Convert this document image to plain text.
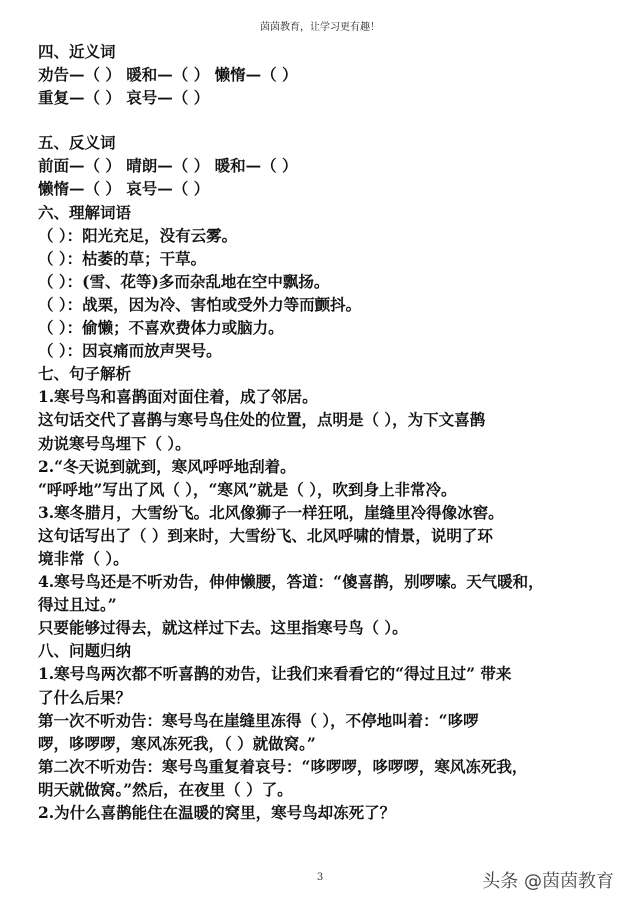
茵茵教育，让学习更有趣！
四、近义词
劝告—（ ） 暖和—（ ） 懒惰—（ ）
重复—（ ） 哀号—（ ）
五、反义词
前面—（ ） 晴朗—（ ） 暖和—（ ）
懒惰—（ ） 哀号—（ ）
六、理解词语
（ ）：阳光充足，没有云雾。
（ ）：枯萎的草；干草。
（ ）：(雪、花等)多而杂乱地在空中飘扬。
（ ）：战栗，因为冷、害怕或受外力等而颤抖。
（ ）：偷懒；不喜欢费体力或脑力。
（ ）：因哀痛而放声哭号。
七、句子解析
1.寒号鸟和喜鹊面对面住着，成了邻居。
这句话交代了喜鹊与寒号鸟住处的位置，点明是（ ），为下文喜鹊
劝说寒号鸟埋下（ ）。
2.“冬天说到就到，寒风呼呼地刮着。
“呼呼地”写出了风（ ），“寒风”就是（ ），吹到身上非常冷。
3.寒冬腊月，大雪纷飞。北风像狮子一样狂吼，崖缝里冷得像冰窖。
这句话写出了（ ）到来时，大雪纷飞、北风呼啸的情景，说明了环
境非常（ ）。
4.寒号鸟还是不听劝告，伸伸懒腰，答道：“傻喜鹊，别啰嗦。天气暖和，
得过且过。”
只要能够过得去，就这样过下去。这里指寒号鸟（ ）。
八、问题归纳
1.寒号鸟两次都不听喜鹊的劝告，让我们来看看它的“得过且过” 带来
了什么后果？
第一次不听劝告：寒号鸟在崖缝里冻得（ ），不停地叫着：“哆啰
啰，哆啰啰，寒风冻死我，（ ）就做窝。”
第二次不听劝告：寒号鸟重复着哀号：“哆啰啰，哆啰啰，寒风冻死我，
明天就做窝。”然后，在夜里（ ）了。
2.为什么喜鹊能住在温暖的窝里，寒号鸟却冻死了？
3	头条 @茵茵教育
